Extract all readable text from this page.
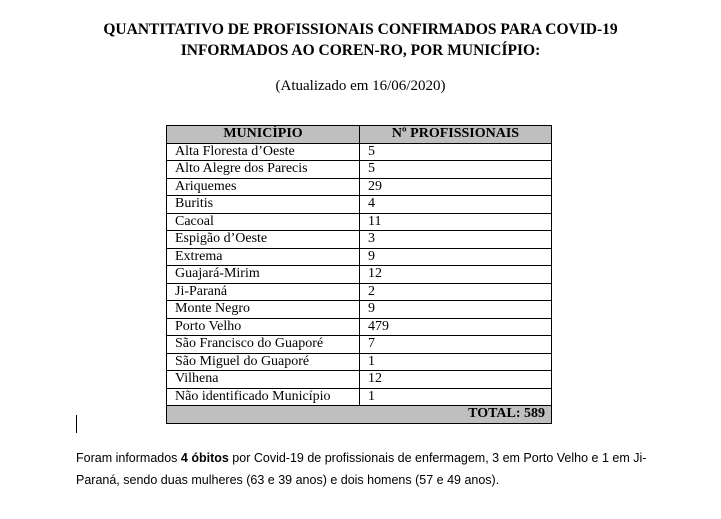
QUANTITATIVO DE PROFISSIONAIS CONFIRMADOS PARA COVID-19
INFORMADOS AO COREN-RO, POR MUNICÍPIO:
(Atualizado em 16/06/2020)
MUNICÍPIO	Nº PROFISSIONAIS
Alta Floresta d’Oeste	5
Alto Alegre dos Parecis	5
Ariquemes	29
Buritis	4
Cacoal	11
Espigão d’Oeste	3
Extrema	9
Guajará-Mirim	12
Ji-Paraná	2
Monte Negro	9
Porto Velho	479
São Francisco do Guaporé	7
São Miguel do Guaporé	1
Vilhena	12
Não identificado Município	1
TOTAL: 589	
Foram informados 4 óbitos por Covid-19 de profissionais de enfermagem, 3 em Porto Velho e 1 em Ji-Paraná, sendo duas mulheres (63 e 39 anos) e dois homens (57 e 49 anos).
